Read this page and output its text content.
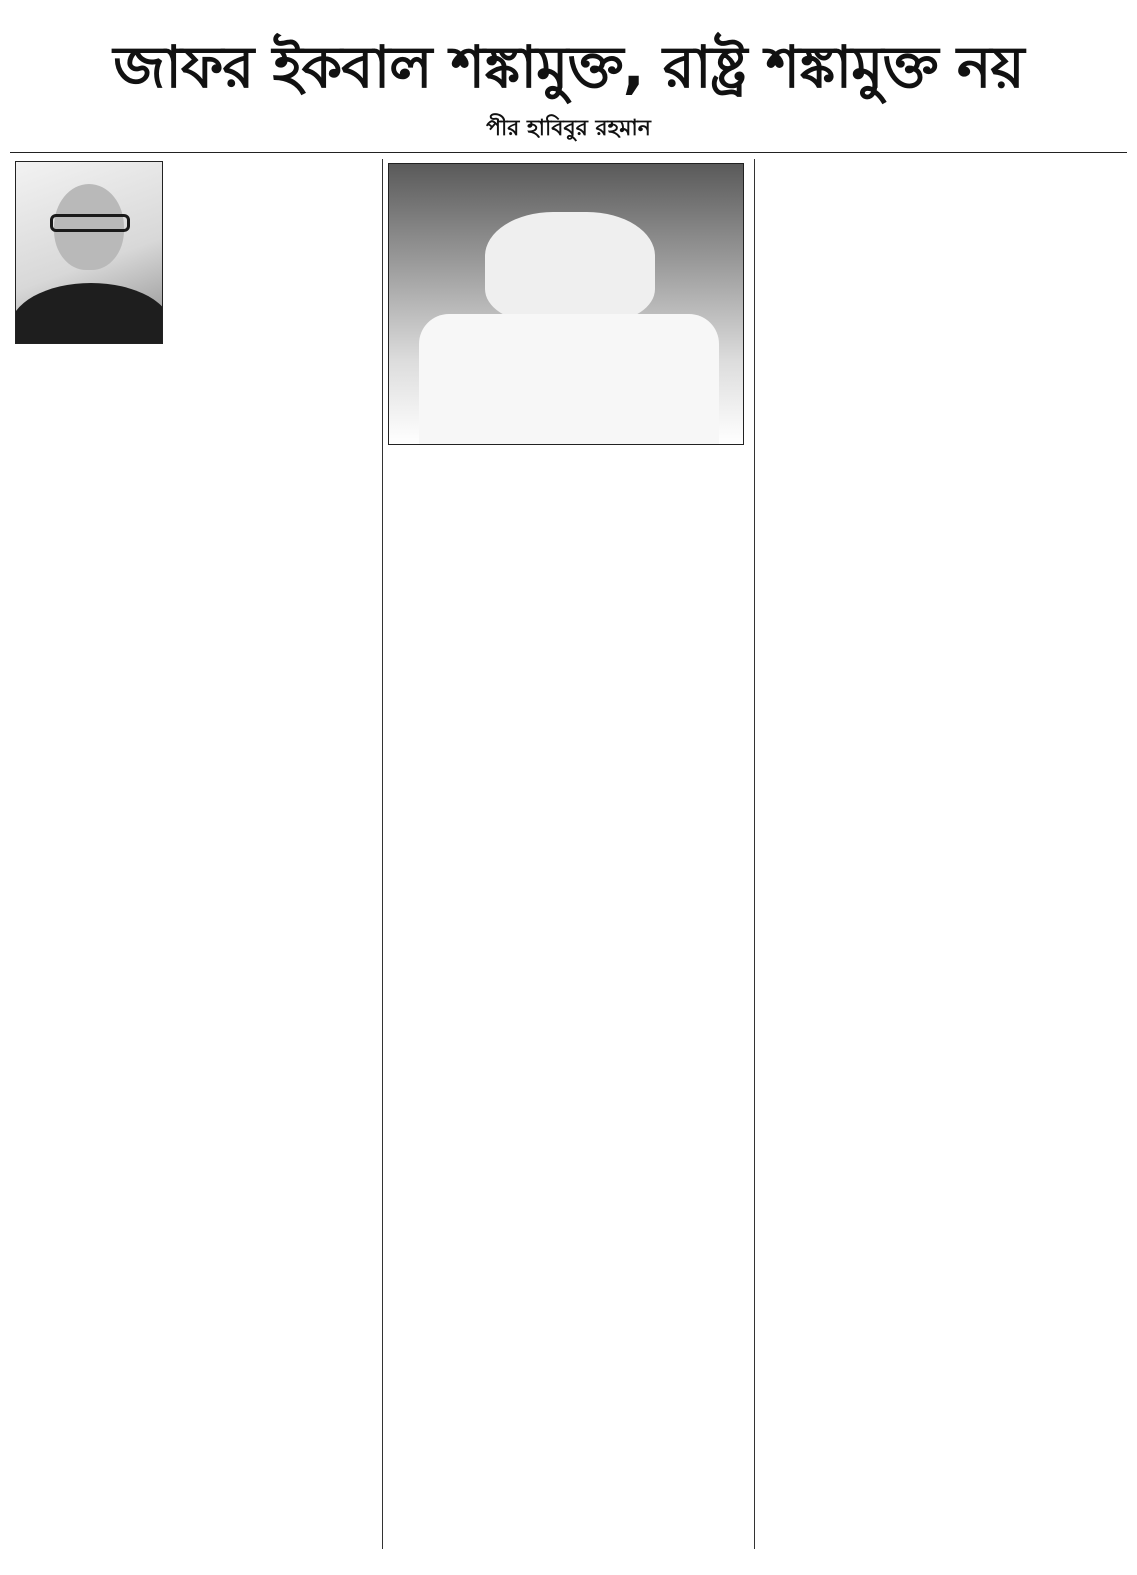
জাফর ইকবাল শঙ্কামুক্ত, রাষ্ট্র শঙ্কামুক্ত নয়
পীর হাবিবুর রহমান
